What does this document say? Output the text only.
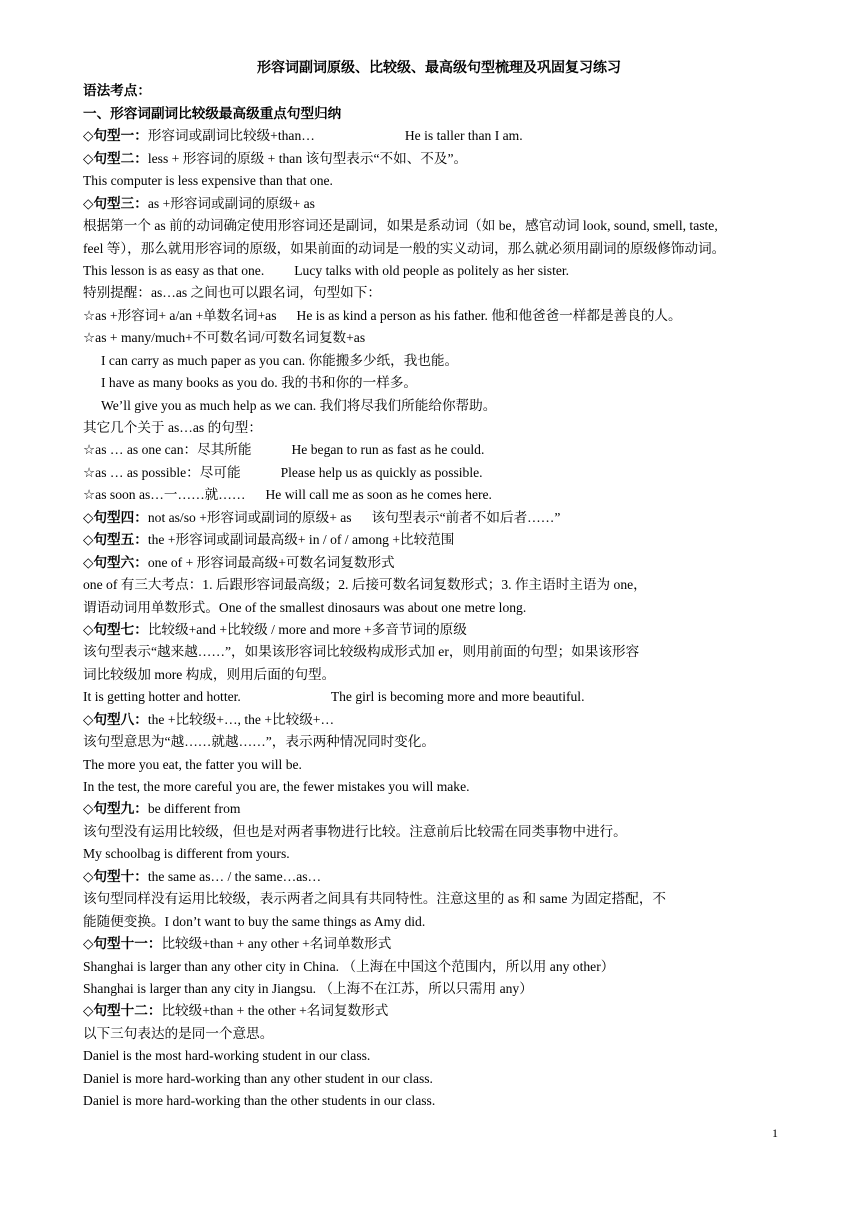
形容词副词原级、比较级、最高级句型梳理及巩固复习练习
语法考点：
一、形容词副词比较级最高级重点句型归纳
◇句型一：形容词或副词比较级+than…	He is taller than I am.
◇句型二：less + 形容词的原级 + than 该句型表示“不如、不及”。
This computer is less expensive than that one.
◇句型三：as +形容词或副词的原级+ as
根据第一个 as 前的动词确定使用形容词还是副词，如果是系动词（如 be，感官动词 look, sound, smell, taste,
feel 等），那么就用形容词的原级，如果前面的动词是一般的实义动词，那么就必须用副词的原级修饰动词。
This lesson is as easy as that one. Lucy talks with old people as politely as her sister.
特别提醒：as…as 之间也可以跟名词，句型如下：
☆as +形容词+ a/an +单数名词+as He is as kind a person as his father. 他和他爸爸一样都是善良的人。
☆as + many/much+不可数名词/可数名词复数+as
I can carry as much paper as you can. 你能搬多少纸，我也能。
I have as many books as you do. 我的书和你的一样多。
We’ll give you as much help as we can. 我们将尽我们所能给你帮助。
其它几个关于 as…as 的句型：
☆as … as one can：尽其所能	He began to run as fast as he could.
☆as … as possible：尽可能	Please help us as quickly as possible.
☆as soon as…一……就…… He will call me as soon as he comes here.
◇句型四：not as/so +形容词或副词的原级+ as 该句型表示“前者不如后者……”
◇句型五：the +形容词或副词最高级+ in / of / among +比较范围
◇句型六：one of + 形容词最高级+可数名词复数形式
one of 有三大考点：1. 后跟形容词最高级；2. 后接可数名词复数形式；3. 作主语时主语为 one，
谓语动词用单数形式。One of the smallest dinosaurs was about one metre long.
◇句型七：比较级+and +比较级 / more and more +多音节词的原级
该句型表示“越来越……”，如果该形容词比较级构成形式加 er，则用前面的句型；如果该形容
词比较级加 more 构成，则用后面的句型。
It is getting hotter and hotter.	The girl is becoming more and more beautiful.
◇句型八：the +比较级+…, the +比较级+…
该句型意思为“越……就越……”，表示两种情况同时变化。
The more you eat, the fatter you will be.
In the test, the more careful you are, the fewer mistakes you will make.
◇句型九：be different from
该句型没有运用比较级，但也是对两者事物进行比较。注意前后比较需在同类事物中进行。
My schoolbag is different from yours.
◇句型十：the same as… / the same…as…
该句型同样没有运用比较级，表示两者之间具有共同特性。注意这里的 as 和 same 为固定搭配，不
能随便变换。I don’t want to buy the same things as Amy did.
◇句型十一：比较级+than + any other +名词单数形式
Shanghai is larger than any other city in China. （上海在中国这个范围内，所以用 any other）
Shanghai is larger than any city in Jiangsu. （上海不在江苏，所以只需用 any）
◇句型十二：比较级+than + the other +名词复数形式
以下三句表达的是同一个意思。
Daniel is the most hard-working student in our class.
Daniel is more hard-working than any other student in our class.
Daniel is more hard-working than the other students in our class.
1
